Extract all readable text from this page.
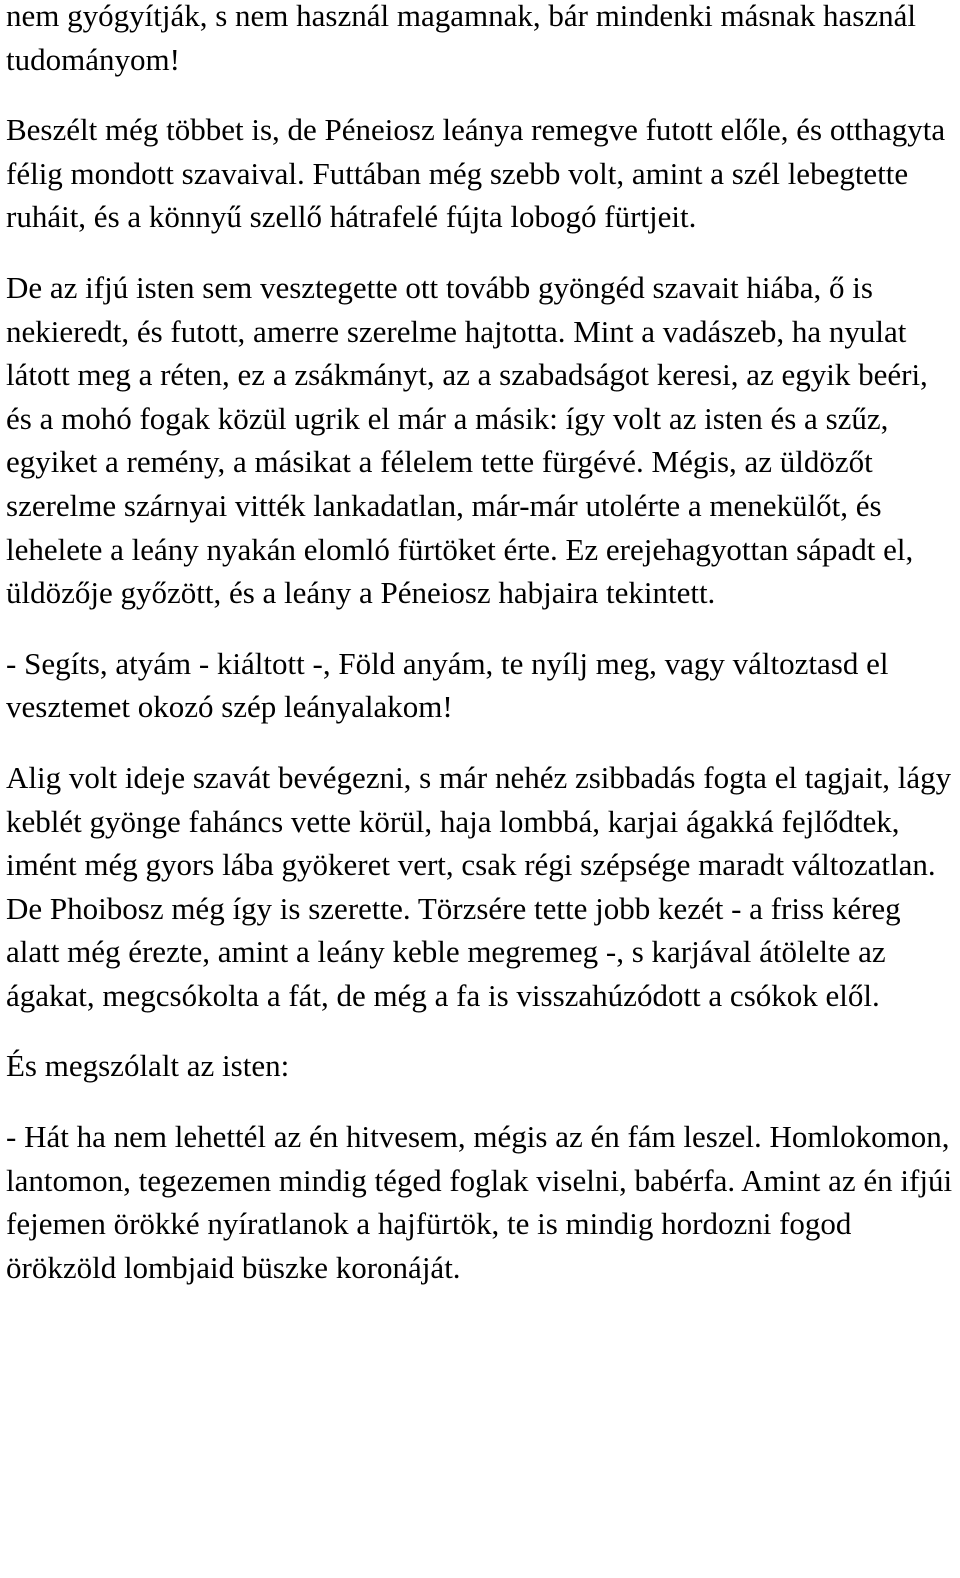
nem gyógyítják, s nem használ magamnak, bár mindenki másnak használ tudományom!

Beszélt még többet is, de Péneiosz leánya remegve futott előle, és otthagyta félig mondott szavaival. Futtában még szebb volt, amint a szél lebegtette ruháit, és a könnyű szellő hátrafelé fújta lobogó fürtjeit.

De az ifjú isten sem vesztegette ott tovább gyöngéd szavait hiába, ő is nekieredt, és futott, amerre szerelme hajtotta. Mint a vadászeb, ha nyulat látott meg a réten, ez a zsákmányt, az a szabadságot keresi, az egyik beéri, és a mohó fogak közül ugrik el már a másik: így volt az isten és a szűz, egyiket a remény, a másikat a félelem tette fürgévé. Mégis, az üldözőt szerelme szárnyai vitték lankadatlan, már-már utolérte a menekülőt, és lehelete a leány nyakán elomló fürtöket érte. Ez erejehagyottan sápadt el, üldözője győzött, és a leány a Péneiosz habjaira tekintett.

- Segíts, atyám - kiáltott -, Föld anyám, te nyílj meg, vagy változtasd el vesztemet okozó szép leányalakom!

Alig volt ideje szavát bevégezni, s már nehéz zsibbadás fogta el tagjait, lágy keblét gyönge faháncs vette körül, haja lombbá, karjai ágakká fejlődtek, imént még gyors lába gyökeret vert, csak régi szépsége maradt változatlan. De Phoibosz még így is szerette. Törzsére tette jobb kezét - a friss kéreg alatt még érezte, amint a leány keble megremeg -, s karjával átölelte az ágakat, megcsókolta a fát, de még a fa is visszahúzódott a csókok elől.

És megszólalt az isten:

- Hát ha nem lehettél az én hitvesem, mégis az én fám leszel. Homlokomon, lantomon, tegezemen mindig téged foglak viselni, babérfa. Amint az én ifjúi fejemen örökké nyíratlanok a hajfürtök, te is mindig hordozni fogod örökzöld lombjaid büszke koronáját.
